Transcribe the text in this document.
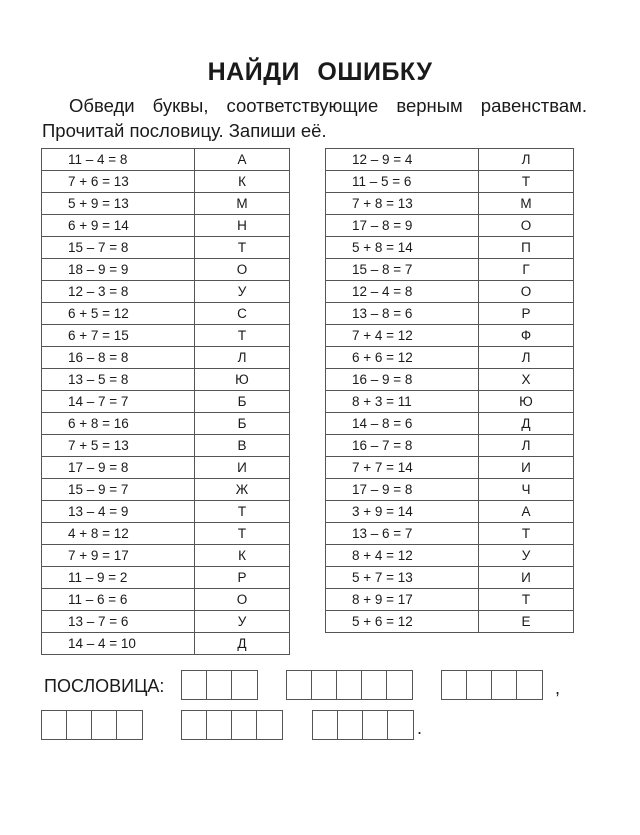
НАЙДИ ОШИБКУ
Обведи буквы, соответствующие верным равенствам.
Прочитай пословицу. Запиши её.
11 – 4 = 8	А
7 + 6 = 13	К
5 + 9 = 13	М
6 + 9 = 14	Н
15 – 7 = 8	Т
18 – 9 = 9	О
12 – 3 = 8	У
6 + 5 = 12	С
6 + 7 = 15	Т
16 – 8 = 8	Л
13 – 5 = 8	Ю
14 – 7 = 7	Б
6 + 8 = 16	Б
7 + 5 = 13	В
17 – 9 = 8	И
15 – 9 = 7	Ж
13 – 4 = 9	Т
4 + 8 = 12	Т
7 + 9 = 17	К
11 – 9 = 2	Р
11 – 6 = 6	О
13 – 7 = 6	У
14 – 4 = 10	Д
12 – 9 = 4	Л
11 – 5 = 6	Т
7 + 8 = 13	М
17 – 8 = 9	О
5 + 8 = 14	П
15 – 8 = 7	Г
12 – 4 = 8	О
13 – 8 = 6	Р
7 + 4 = 12	Ф
6 + 6 = 12	Л
16 – 9 = 8	Х
8 + 3 = 11	Ю
14 – 8 = 6	Д
16 – 7 = 8	Л
7 + 7 = 14	И
17 – 9 = 8	Ч
3 + 9 = 14	А
13 – 6 = 7	Т
8 + 4 = 12	У
5 + 7 = 13	И
8 + 9 = 17	Т
5 + 6 = 12	Е
ПОСЛОВИЦА:	,
.
